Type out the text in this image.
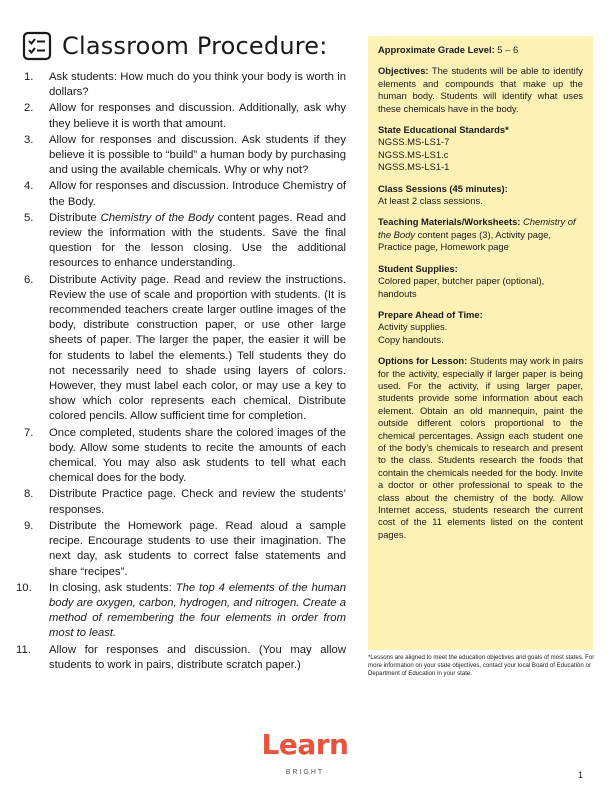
Classroom Procedure:
1.	Ask students: How much do you think your body is worth in dollars?
2.	Allow for responses and discussion. Additionally, ask why they believe it is worth that amount.
3.	Allow for responses and discussion. Ask students if they believe it is possible to “build” a human body by purchasing and using the available chemicals. Why or why not?
4.	Allow for responses and discussion. Introduce Chemistry of the Body.
5.	Distribute Chemistry of the Body content pages. Read and review the information with the students. Save the final question for the lesson closing. Use the additional resources to enhance understanding.
6.	Distribute Activity page. Read and review the instructions. Review the use of scale and proportion with students. (It is recommended teachers create larger outline images of the body, distribute construction paper, or use other large sheets of paper. The larger the paper, the easier it will be for students to label the elements.) Tell students they do not necessarily need to shade using layers of colors. However, they must label each color, or may use a key to show which color represents each chemical. Distribute colored pencils. Allow sufficient time for completion.
7.	Once completed, students share the colored images of the body. Allow some students to recite the amounts of each chemical. You may also ask students to tell what each chemical does for the body.
8.	Distribute Practice page. Check and review the students’ responses.
9.	Distribute the Homework page. Read aloud a sample recipe. Encourage students to use their imagination. The next day, ask students to correct false statements and share “recipes”.
10.	In closing, ask students: The top 4 elements of the human body are oxygen, carbon, hydrogen, and nitrogen. Create a method of remembering the four elements in order from most to least.
11.	Allow for responses and discussion. (You may allow students to work in pairs, distribute scratch paper.)
Approximate Grade Level: 5 – 6
Objectives: The students will be able to identify elements and compounds that make up the human body. Students will identify what uses these chemicals have in the body.
State Educational Standards*
NGSS.MS-LS1-7
NGSS.MS-LS1.c
NGSS.MS-LS1-1
Class Sessions (45 minutes):
At least 2 class sessions.
Teaching Materials/Worksheets: Chemistry of the Body content pages (3), Activity page, Practice page, Homework page
Student Supplies:
Colored paper, butcher paper (optional), handouts
Prepare Ahead of Time:
Activity supplies.
Copy handouts.
Options for Lesson: Students may work in pairs for the activity, especially if larger paper is being used. For the activity, if using larger paper, students provide some information about each element. Obtain an old mannequin, paint the outside different colors proportional to the chemical percentages. Assign each student one of the body’s chemicals to research and present to the class. Students research the foods that contain the chemicals needed for the body. Invite a doctor or other professional to speak to the class about the chemistry of the body. Allow Internet access, students research the current cost of the 11 elements listed on the content pages.
*Lessons are aligned to meet the education objectives and goals of most states. For more information on your state objectives, contact your local Board of Education or Department of Education in your state.
Learn
BRIGHT	1
